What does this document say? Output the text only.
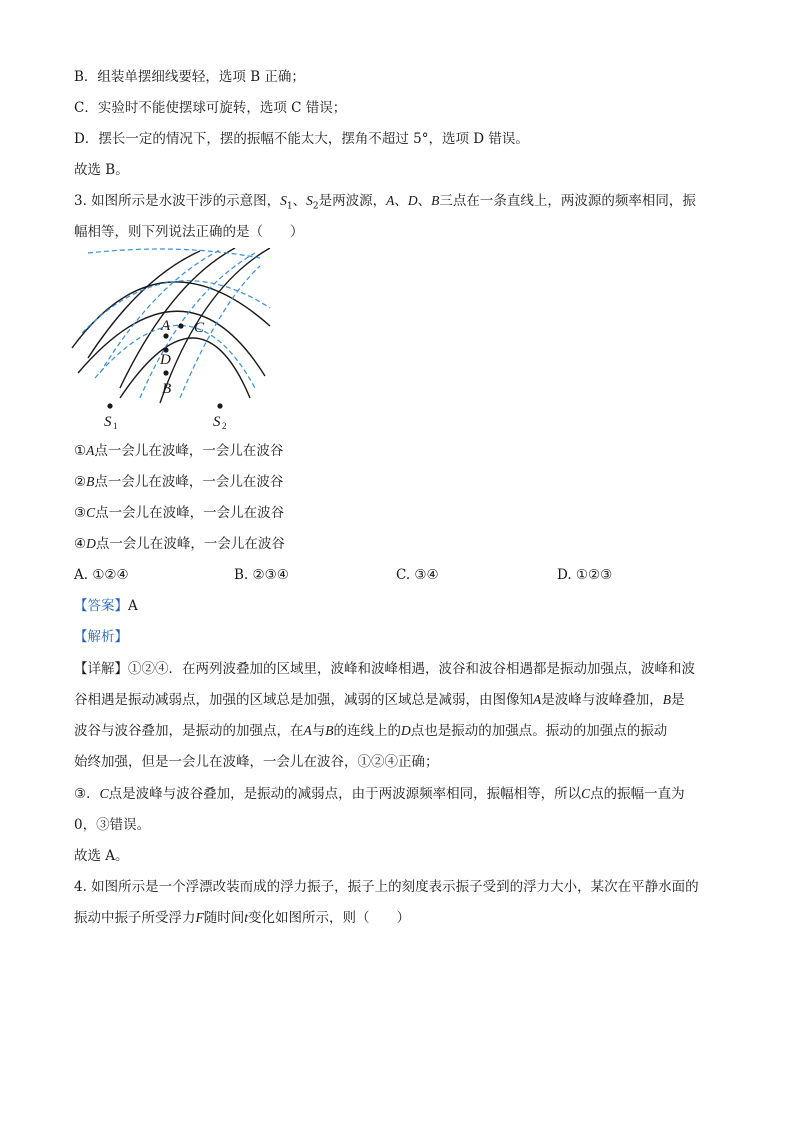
B．组装单摆细线要轻，选项 B 正确；
C．实验时不能使摆球可旋转，选项 C 错误；
D．摆长一定的情况下，摆的振幅不能太大，摆角不超过 5°，选项 D 错误。
故选 B。
3. 如图所示是水波干涉的示意图，$S_1$、$S_2$是两波源，A、D、B三点在一条直线上，两波源的频率相同，振
幅相等，则下列说法正确的是（　　）
A C
D
B
S 1	S 2
①A点一会儿在波峰，一会儿在波谷
②B点一会儿在波峰，一会儿在波谷
③C点一会儿在波峰，一会儿在波谷
④D点一会儿在波峰，一会儿在波谷
A. ①②④	B. ②③④	C. ③④	D. ①②③
【答案】A
【解析】
【详解】①②④．在两列波叠加的区域里，波峰和波峰相遇，波谷和波谷相遇都是振动加强点，波峰和波
谷相遇是振动减弱点，加强的区域总是加强，减弱的区域总是减弱，由图像知A是波峰与波峰叠加，B是
波谷与波谷叠加，是振动的加强点，在A与B的连线上的D点也是振动的加强点。振动的加强点的振动
始终加强，但是一会儿在波峰，一会儿在波谷，①②④正确；
③．C点是波峰与波谷叠加，是振动的减弱点，由于两波源频率相同，振幅相等，所以C点的振幅一直为
0，③错误。
故选 A。
4. 如图所示是一个浮漂改装而成的浮力振子，振子上的刻度表示振子受到的浮力大小，某次在平静水面的
振动中振子所受浮力F随时间t变化如图所示，则（　　）
